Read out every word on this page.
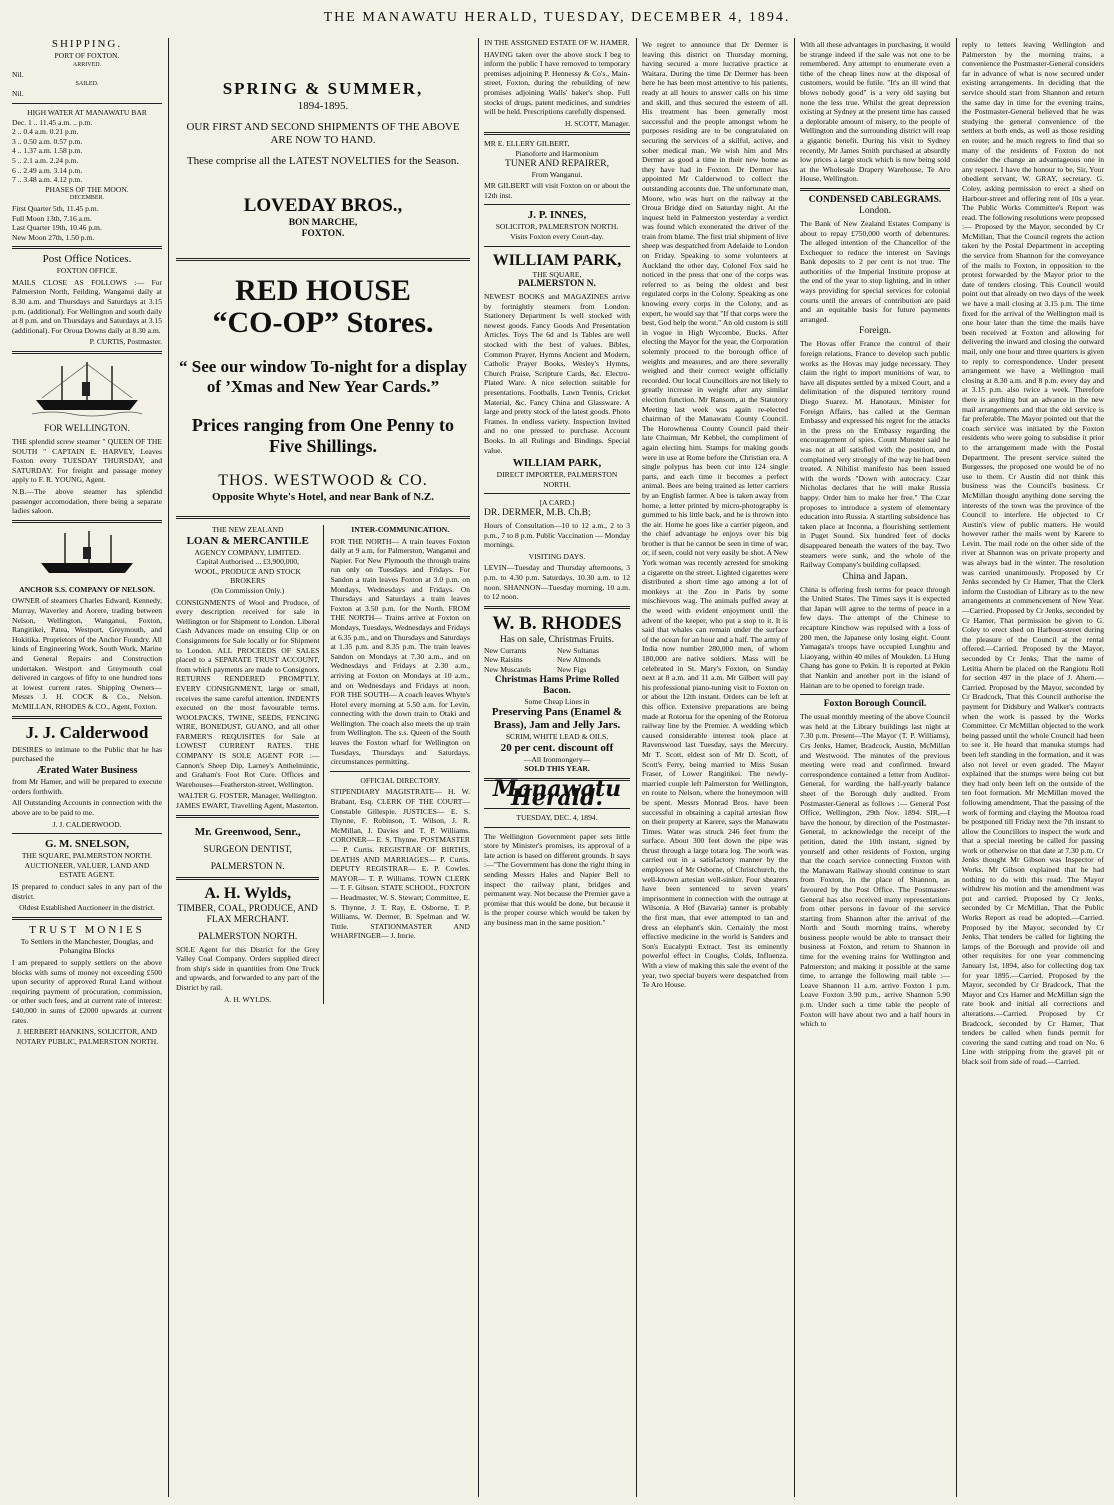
THE MANAWATU HERALD, TUESDAY, DECEMBER 4, 1894.
SHIPPING.
PORT OF FOXTON.
ARRIVED.
Nil.
SAILED.
Nil.
HIGH WATER AT MANAWATU BAR
Dec. 1 .. 11.45 a.m. .. p.m.
2 .. 0.4 a.m. 0.21 p.m.
3 .. 0.50 a.m. 0.57 p.m.
4 .. 1.37 a.m. 1.58 p.m.
5 .. 2.1 a.m. 2.24 p.m.
6 .. 2.49 a.m. 3.14 p.m.
7 .. 3.48 a.m. 4.12 p.m.
PHASES OF THE MOON.
DECEMBER.
First Quarter 5th, 11.45 p.m.
Full Moon 13th, 7.16 a.m.
Last Quarter 19th, 10.46 p.m.
New Moon 27th, 1.50 p.m.
Post Office Notices.
FOXTON OFFICE.

MAILS CLOSE AS FOLLOWS :— For Palmerston North, Feilding, Wanganui daily at 8.30 a.m. and Thursdays and Saturdays at 3.15 p.m. (additional). For Wellington and south daily at 8 p.m. and on Thursdays and Saturdays at 3.15 (additional). For Oroua Downs daily at 8.30 a.m.

P. CURTIS, Postmaster.
FOR WELLINGTON.

THE splendid screw steamer " QUEEN OF THE SOUTH " CAPTAIN E. HARVEY, Leaves Foxton every TUESDAY THURSDAY, and SATURDAY. For freight and passage money apply to F. R. YOUNG, Agent.

N.B.—The above steamer has splendid passenger accomodation, there being a separate ladies saloon.

ANCHOR S.S. COMPANY OF NELSON.

OWNER of steamers Charles Edward, Kennedy, Murray, Waverley and Aorere, trading between Nelson, Wellington, Wanganui, Foxton, Rangitikei, Patea, Westport, Greymouth, and Hokitika. Proprietors of the Anchor Foundry. All kinds of Engineering Work, South Work, Marine and General Repairs and Construction undertaken. Westport and Greymouth coal delivered in cargoes of fifty to one hundred tons at lowest current rates. Shipping Owners— Messrs J. H. COCK & Co., Nelson. McMILLAN, RHODES & CO., Agent, Foxton.

J. J. Calderwood

DESIRES to intimate to the Public that he has purchased the

Ærated Water Business

from Mr Hamer, and will be prepared to execute orders forthwith.

All Outstanding Accounts in connection with the above are to be paid to me.

J. J. CALDERWOOD.
G. M. SNELSON,
THE SQUARE, PALMERSTON NORTH.
AUCTIONEER, VALUER, LAND AND ESTATE AGENT.

IS prepared to conduct sales in any part of the district.

Oldest Established Auctioneer in the district.
TRUST MONIES
To Settlers in the Manchester, Douglas, and Pohangina Blocks

I am prepared to supply settlers on the above blocks with sums of money not exceeding £500 upon security of approved Rural Land without requiring payment of procuration, commission, or other such fees, and at current rate of interest: £40,000 in sums of £2000 upwards at current rates.

J. HERBERT HANKINS, SOLICITOR, AND NOTARY PUBLIC, PALMERSTON NORTH.
SPRING & SUMMER,
1894-1895.
OUR FIRST AND SECOND SHIPMENTS OF THE ABOVE ARE NOW TO HAND.
These comprise all the LATEST NOVELTIES for the Season.
LOVEDAY BROS.,
BON MARCHE,
FOXTON.
RED HOUSE
“CO-OP” Stores.
“ See our window To-night for a display of ’Xmas and New Year Cards.”
Prices ranging from One Penny to Five Shillings.
THOS. WESTWOOD & CO.
Opposite Whyte's Hotel, and near Bank of N.Z.
THE NEW ZEALAND
LOAN & MERCANTILE
AGENCY COMPANY, LIMITED.
Capital Authorised ... £3,900,000,
WOOL, PRODUCE AND STOCK BROKERS
(On Commission Only.)

CONSIGNMENTS of Wool and Produce, of every description received for sale in Wellington or for Shipment to London. Liberal Cash Advances made on ensuing Clip or on Consignments for Sale locally or for Shipment to London. ALL PROCEEDS OF SALES placed to a SEPARATE TRUST ACCOUNT, from which payments are made to Consignors. RETURNS RENDERED PROMPTLY. EVERY CONSIGNMENT, large or small, receives the same careful attention. INDENTS executed on the most favourable terms. WOOLPACKS, TWINE, SEEDS, FENCING WIRE, BONEDUST, GUANO, and all other FARMER'S REQUISITES for Sale at LOWEST CURRENT RATES. THE COMPANY IS SOLE AGENT FOR :—Cannon's Sheep Dip, Larney's Anthelmintic, and Graham's Foot Rot Cure. Offices and Warehouses—Featherston-street, Wellington.

WALTER G. FOSTER, Manager, Wellington.
JAMES EWART, Travelling Agent, Masterton.
Mr. Greenwood, Senr.,
SURGEON DENTIST,
PALMERSTON N.
A. H. Wylds,
TIMBER, COAL, PRODUCE, AND FLAX MERCHANT.
PALMERSTON NORTH.

SOLE Agent for this District for the Grey Valley Coal Company. Orders supplied direct from ship's side in quantities from One Truck and upwards, and forwarded to any part of the District by rail.

A. H. WYLDS.
INTER-COMMUNICATION.

FOR THE NORTH— A train leaves Foxton daily at 9 a.m, for Palmerston, Wanganui and Napier. For New Plymouth the through trains run only on Tuesdays and Fridays. For Sandon a train leaves Foxton at 3.0 p.m. on Mondays, Wednesdays and Fridays. On Thursdays and Saturdays a train leaves Foxton at 3.50 p.m. for the North. FROM THE NORTH— Trains arrive at Foxton on Mondays, Tuesdays, Wednesdays and Fridays at 6.35 p.m., and on Thursdays and Saturdays at 1.35 p.m. and 8.35 p.m. The train leaves Sandon on Mondays at 7.30 a.m., and on Wednesdays and Fridays at 2.30 a.m., arriving at Foxton on Mondays at 10 a.m., and on Wednesdays and Fridays at noon. FOR THE SOUTH— A coach leaves Whyte's Hotel every morning at 5.50 a.m. for Levin, connecting with the down train to Otaki and Wellington. The coach also meets the up train from Wellington. The s.s. Queen of the South leaves the Foxton wharf for Wellington on Tuesdays, Thursdays and Saturdays, circumstances permitting.

OFFICIAL DIRECTORY.

STIPENDIARY MAGISTRATE— H. W. Brabant, Esq. CLERK OF THE COURT— Constable Gillespie. JUSTICES— E. S. Thynne, F. Robinson, T. Wilson, J. R. McMillan, J. Davies and T. P. Williams. CORONER— E. S. Thynne. POSTMASTER— P. Curtis. REGISTRAR OF BIRTHS, DEATHS AND MARRIAGES— P. Curtis. DEPUTY REGISTRAR— E. P. Cowles. MAYOR— T. P. Williams. TOWN CLERK— T. F. Gibson. STATE SCHOOL, FOXTON— Headmaster, W. S. Stewart; Committee, E. S. Thynne, J. T. Ray, E. Osborne, T. P. Williams, W. Dermer, B. Spelman and W. Tittle. STATIONMASTER AND WHARFINGER— J. Imrie.

IN THE ASSIGNED ESTATE OF W. HAMER.

HAVING taken over the above stock I beg to inform the public I have removed to temporary premises adjoining P. Hennessy & Co's., Main-street, Foxton, during the rebuilding of new promises adjoining Walls' baker's shop. Full stocks of drugs, patent medicines, and sundries will be held. Prescriptions carefully dispensed.

H. SCOTT, Manager.
MR E. ELLERY GILBERT,
Pianoforte and Harmonium
TUNER AND REPAIRER,
From Wanganui.

MR GILBERT will visit Foxton on or about the 12th inst.

J. P. INNES,
SOLICITOR, PALMERSTON NORTH.
Visits Foxton every Court-day.
WILLIAM PARK,
THE SQUARE,
PALMERSTON N.

NEWEST BOOKS and MAGAZINES arrive by fortnightly steamers from London. Stationery Department Is well stocked with newest goods. Fancy Goods And Presentation Articles. Toys The 6d and 1s Tables are well stocked with the best of values. Bibles, Common Prayer, Hymns Ancient and Modern, Catholic Prayer Books, Wesley's Hymns, Church Praise, Scripture Cards, &c. Electro-Plated Ware. A nice selection suitable for presentations. Footballs. Lawn Tennis, Cricket Material, &c. Fancy China and Glassware. A large and pretty stock of the latest goods. Photo Frames. In endless variety. Inspection Invited and no one pressed to purchase. Account Books. In all Rulings and Bindings. Special value.

WILLIAM PARK,
DIRECT IMPORTER, PALMERSTON NORTH.
[A CARD.]
DR. DERMER, M.B. Ch.B;

Hours of Consultation—10 to 12 a.m., 2 to 3 p.m., 7 to 8 p.m. Public Vaccination — Monday mornings.

VISITING DAYS.

LEVIN—Tuesday and Thursday afternoons, 3 p.m. to 4.30 p.m. Saturdays, 10.30 a.m. to 12 noon. SHANNON—Tuesday morning, 10 a.m. to 12 noon.

W. B. RHODES
Has on sale, Christmas Fruits.
New Currants	New Sultanas
New Raisins	New Almonds
New Muscatels	New Figs
Christmas Hams Prime Rolled Bacon.
Some Cheap Lines in
Preserving Pans (Enamel & Brass), Jam and Jelly Jars.
SCRIM, WHITE LEAD & OILS,
20 per cent. discount off
—All Ironmongery—
SOLD THIS YEAR.
Manawatu Herald.
TUESDAY, DEC. 4, 1894.

The Wellington Government paper sets little store by Minister's promises, its approval of a late action is based on different grounds. It says :—"The Government has done the right thing in sending Messrs Hales and Napier Bell to inspect the railway plant, bridges and permanent way. Not because the Premier gave a promise that this would be done, but because it is the proper course which would be taken by any business man in the same position."

We regret to announce that Dr Dermer is leaving this district on Thursday morning, having secured a more lucrative practice at Waitara. During the time Dr Dermer has been here he has been most attentive to his patients, ready at all hours to answer calls on his time and skill, and thus secured the esteem of all. His treatment has been generally most successful and the people amongst whom he purposes residing are to be congratulated on securing the services of a skilful, active, and sober medical man. We wish him and Mrs Dermer as good a time in their new home as they have had in Foxton. Dr Dermer has appointed Mr Calderwood to collect the outstanding accounts due. The unfortunate man, Moore, who was hurt on the railway at the Oroua Bridge died on Saturday night. At the inquest held in Palmerston yesterday a verdict was found which exonerated the driver of the train from blame. The first trial shipment of live sheep was despatched from Adelaide to London on Friday. Speaking to some volunteers at Auckland the other day, Colonel Fox said he noticed in the press that one of the corps was referred to as being the oldest and best regulated corps in the Colony. Speaking as one knowing every corps in the Colony, and as expert, he would say that "If that corps were the best, God help the worst." An old custom is still in vogue in High Wycombe, Bucks. After electing the Mayor for the year, the Corporation solemnly proceed to the borough office of weights and measures, and are there severally weighed and their correct weight officially recorded. Our local Councillors are not likely to greatly increase in weight after any similar election function. Mr Ransom, at the Statutory Meeting last week was again re-elected chairman of the Manawatu County Council. The Horowhenua County Council paid their late Chairman, Mr Kebbel, the compliment of again electing him. Stamps for making goods were in use at Rome before the Christian era. A single polypus has been cut into 124 single parts, and each time it becomes a perfect animal. Bees are being trained as letter carriers by an English farmer. A bee is taken away from home, a letter printed by micro-photography is gummed to his little back, and he is thrown into the air. Home he goes like a carrier pigeon, and the chief advantage he enjoys over his big brother is that he cannot be seen in time of war, or, if seen, could not very easily be shot. A New York woman was recently arrested for smoking a cigarette on the street. Lighted cigarettes were distributed a short time ago among a lot of monkeys at the Zoo in Paris by some mischievous wag. The animals puffed away at the weed with evident enjoyment until the advent of the keeper, who put a stop to it. It is said that whales can remain under the surface of the ocean for an hour and a half. The army of India now number 280,000 men, of whom 180,000 are native soldiers. Mass will be celebrated in St. Mary's Foxton, on Sunday next at 8 a.m. and 11 a.m. Mr Gilbert will pay his professional piano-tuning visit to Foxton on or about the 12th instant. Orders can be left at this office. Extensive preparations are being made at Rotorua for the opening of the Rotorua railway line by the Premier. A wedding which caused considerable interest took place at Ravenswood last Tuesday, says the Mercury. Mr T. Scott, eldest son of Mr D. Scott, of Scott's Ferry, being married to Miss Susan Fraser, of Lower Rangitikei. The newly-married couple left Palmerston for Wellington, en route to Nelson, where the honeymoon will be spent. Messrs Monrad Bros. have been successful in obtaining a capital artesian flow on their property at Karere, says the Manawatu Times. Water was struck 246 feet from the surface. About 300 feet down the pipe was thrust through a large totara log. The work was carried out in a satisfactory manner by the employees of Mr Osborne, of Christchurch, the well-known artesian well-sinker. Four shearers have been sentenced to seven years' imprisonment in connection with the outrage at Wilsonia. A Hof (Bavaria) tanner is probably the first man, that ever attempted to tan and dress an elephant's skin. Certainly the most effective medicine in the world is Sanders and Son's Eucalypti Extract. Test its eminently powerful effect in Coughs, Colds, Influenza. With a view of making this sale the event of the year, two special buyers were despatched from Te Aro House.

With all these advantages in purchasing, it would be strange indeed if the sale was not one to be remembered. Any attempt to enumerate even a tithe of the cheap lines now at the disposal of customers, would be futile. "It's an ill wind that blows nobody good" is a very old saying but none the less true. Whilst the great depression existing at Sydney at the present time has caused a deplorable amount of misery, to the people of Wellington and the surrounding district will reap a gigantic benefit. During his visit to Sydney recently, Mr James Smith purchased at absurdly low prices a large stock which is now being sold at the Wholesale Drapery Warehouse, Te Aro House, Wellington.

CONDENSED CABLEGRAMS.
London.

The Bank of New Zealand Estates Company is about to repay £750,000 worth of debentures. The alleged intention of the Chancellor of the Exchequer to reduce the interest on Savings Bank deposits to 2 per cent is not true. The authorities of the Imperial Institute propose at the end of the year to stop lighting, and in other ways providing for special services for colonial courts until the arrears of contribution are paid and an equitable basis for future payments arranged.

Foreign.

The Hovas offer France the control of their foreign relations, France to develop such public works as the Hovas may judge necessary. They claim the right to import munitions of war, to have all disputes settled by a mixed Court, and a delimitation of the disputed territory round Diego Suarez. M. Hanotaux, Minister for Foreign Affairs, has called at the German Embassy and expressed his regret for the attacks in the press on the Embassy regarding the encouragement of spies. Count Munster said he was not at all satisfied with the position, and complained very strongly of the way he had been treated. A Nihilist manifesto has been issued with the words "Down with autocracy. Czar Nicholas declares that he will make Russia happy. Order him to make her free." The Czar proposes to introduce a system of elementary education into Russia. A startling subsidence has taken place at Inconna, a flourishing settlement in Puget Sound. Six hundred feet of docks disappeared beneath the waters of the bay. Two steamers were sunk, and the whole of the Railway Company's building collapsed.

China and Japan.

China is offering fresh terms for peace through the United States. The Times says it is expected that Japan will agree to the terms of peace in a few days. The attempt of the Chinese to recapture Kinchow was repulsed with a loss of 200 men, the Japanese only losing eight. Count Yamagata's troops have occupied Lunghtu and Liaoyang, within 40 miles of Moukden. Li Hung Chang has gone to Pekin. It is reported at Pekin that Nankin and another port in the island of Hainan are to be opened to foreign trade.

Foxton Borough Council.

The usual monthly meeting of the above Council was held at the Library buildings last night at 7.30 p.m. Present—The Mayor (T. P. Williams), Crs Jenks, Hamer, Bradcock, Austin, McMillan and Westwood. The minutes of the previous meeting were read and confirmed. Inward correspondence contained a letter from Auditor-General, for warding the half-yearly balance sheet of the Borough duly audited. From Postmaster-General as follows :— General Post Office, Wellington, 29th Nov. 1894. SIR,—I have the honour, by direction of the Postmaster-General, to acknowledge the receipt of the petition, dated the 10th instant, signed by yourself and other residents of Foxton, urging that the coach service connecting Foxton with the Manawatu Railway should continue to start from Foxton, in the place of Shannon, as favoured by the Post Office. The Postmaster-General has also received many representations from other persons in favour of the service starting from Shannon after the arrival of the North and South morning trains, whereby business people would be able to transact their business at Foxton, and return to Shannon in time for the evening trains for Wellington and Palmerston; and making it possible at the same time, to arrange the following mail table :— Leave Shannon 11 a.m. arrive Foxton 1 p.m. Leave Foxton 3.90 p.m., arrive Shannon 5.90 p.m. Under such a time table the people of Foxton will have about two and a half hours in which to

reply to letters leaving Wellington and Palmerston by the morning trains, a convenience the Postmaster-General considers far in advance of what is now secured under existing arrangements. In deciding that the service should start from Shannon and return the same day in time for the evening trains, the Postmaster-General believed that he was studying the general convenience of the settlers at both ends, as well as those residing en route; and he much regrets to find that so many of the residents of Foxton do not consider the change an advantageous one in any respect. I have the honour to be, Sir, Your obedient servant, W. GRAY, secretary. G. Coley, asking permission to erect a shed on Harbour-street and offering rent of 10s a year. The Public Works Committee's Report was read. The following resolutions were proposed :— Proposed by the Mayor, seconded by Cr McMillan, That the Council regrets the action taken by the Postal Department in accepting the service from Shannon for the conveyance of the mails to Foxton, in opposition to the protest forwarded by the Mayor prior to the date of tenders closing. This Council would point out that already on two days of the week we have a mail closing at 3.15 p.m. The time fixed for the arrival of the Wellington mail is one hour later than the time the mails have been received at Foxton and allowing for delivering the inward and closing the outward mail, only one hour and three quarters is given to reply to correspondence. Under present arrangement we have a Wellington mail closing at 8.30 a.m. and 8 p.m. every day and at 3.15 p.m. also twice a week. Therefore there is anything but an advance in the new mail arrangements and that the old service is far preferable. The Mayor pointed out that the coach service was initiated by the Foxton residents who were going to subsidise it prior to the arrangement made with the Postal Department. The present service suited the Burgesses, the proposed one would be of no use to them. Cr Austin did not think this business was the Council's business. Cr McMillan thought anything done serving the interests of the town was the province of the Council to interfere. He objected to Cr Austin's view of public matters. He would however rather the mails went by Karere to Levin. The mail rode on the other side of the river at Shannon was on private property and was always bad in the winter. The resolution was carried unanimously. Proposed by Cr Jenks seconded by Cr Hamer, That the Clerk inform the Custodian of Library as to the new arrangements at commencement of New Year.—Carried. Proposed by Cr Jenks, seconded by Cr Hamer, That permission be given to G. Coley to erect shed on Harbour-street during the pleasure of the Council at the rental offered.—Carried. Proposed by the Mayor, seconded by Cr Jenks, That the name of Letitia Ahern be placed on the Rangiotu Roll for section 497 in the place of J. Ahern.—Carried. Proposed by the Mayor, seconded by Cr Bradcock, That this Council authorise the payment for Didsbury and Walker's contracts when the work is passed by the Works Committee. Cr McMillan objected to the work being passed until the whole Council had been to see it. He heard that manuka stumps had been left standing in the formation, and it was also not level or even graded. The Mayor explained that the stumps were being cut but they had only been left on the outside of the ten foot formation. Mr McMillan moved the following amendment, That the passing of the work of forming and claying the Moutoa road be postponed till Friday next the 7th instant to allow the Councillors to inspect the work and that a special meeting be called for passing work or otherwise on that date at 7.30 p.m. Cr Jenks thought Mr Gibson was Inspector of Works. Mr Gibson explained that he had nothing to do with this road. The Mayor withdrew his motion and the amendment was put and carried. Proposed by Cr Jenks, seconded by Cr McMillan, That the Public Works Report as read be adopted.—Carried. Proposed by the Mayor, seconded by Cr Jenks, That tenders be called for lighting the lamps of the Borough and provide oil and other requisites for one year commencing January 1st, 1894, also for collecting dog tax for year 1895.—Carried. Proposed by the Mayor, seconded by Cr Bradcock, That the Mayor and Crs Hamer and McMillan sign the rate book and initial all corrections and alterations.—Carried. Proposed by Cr Bradcock, seconded by Cr Hamer, That tenders be called when funds permit for covering the sand cutting and road on No. 6 Line with stripping from the gravel pit or black soil from side of road.—Carried.
